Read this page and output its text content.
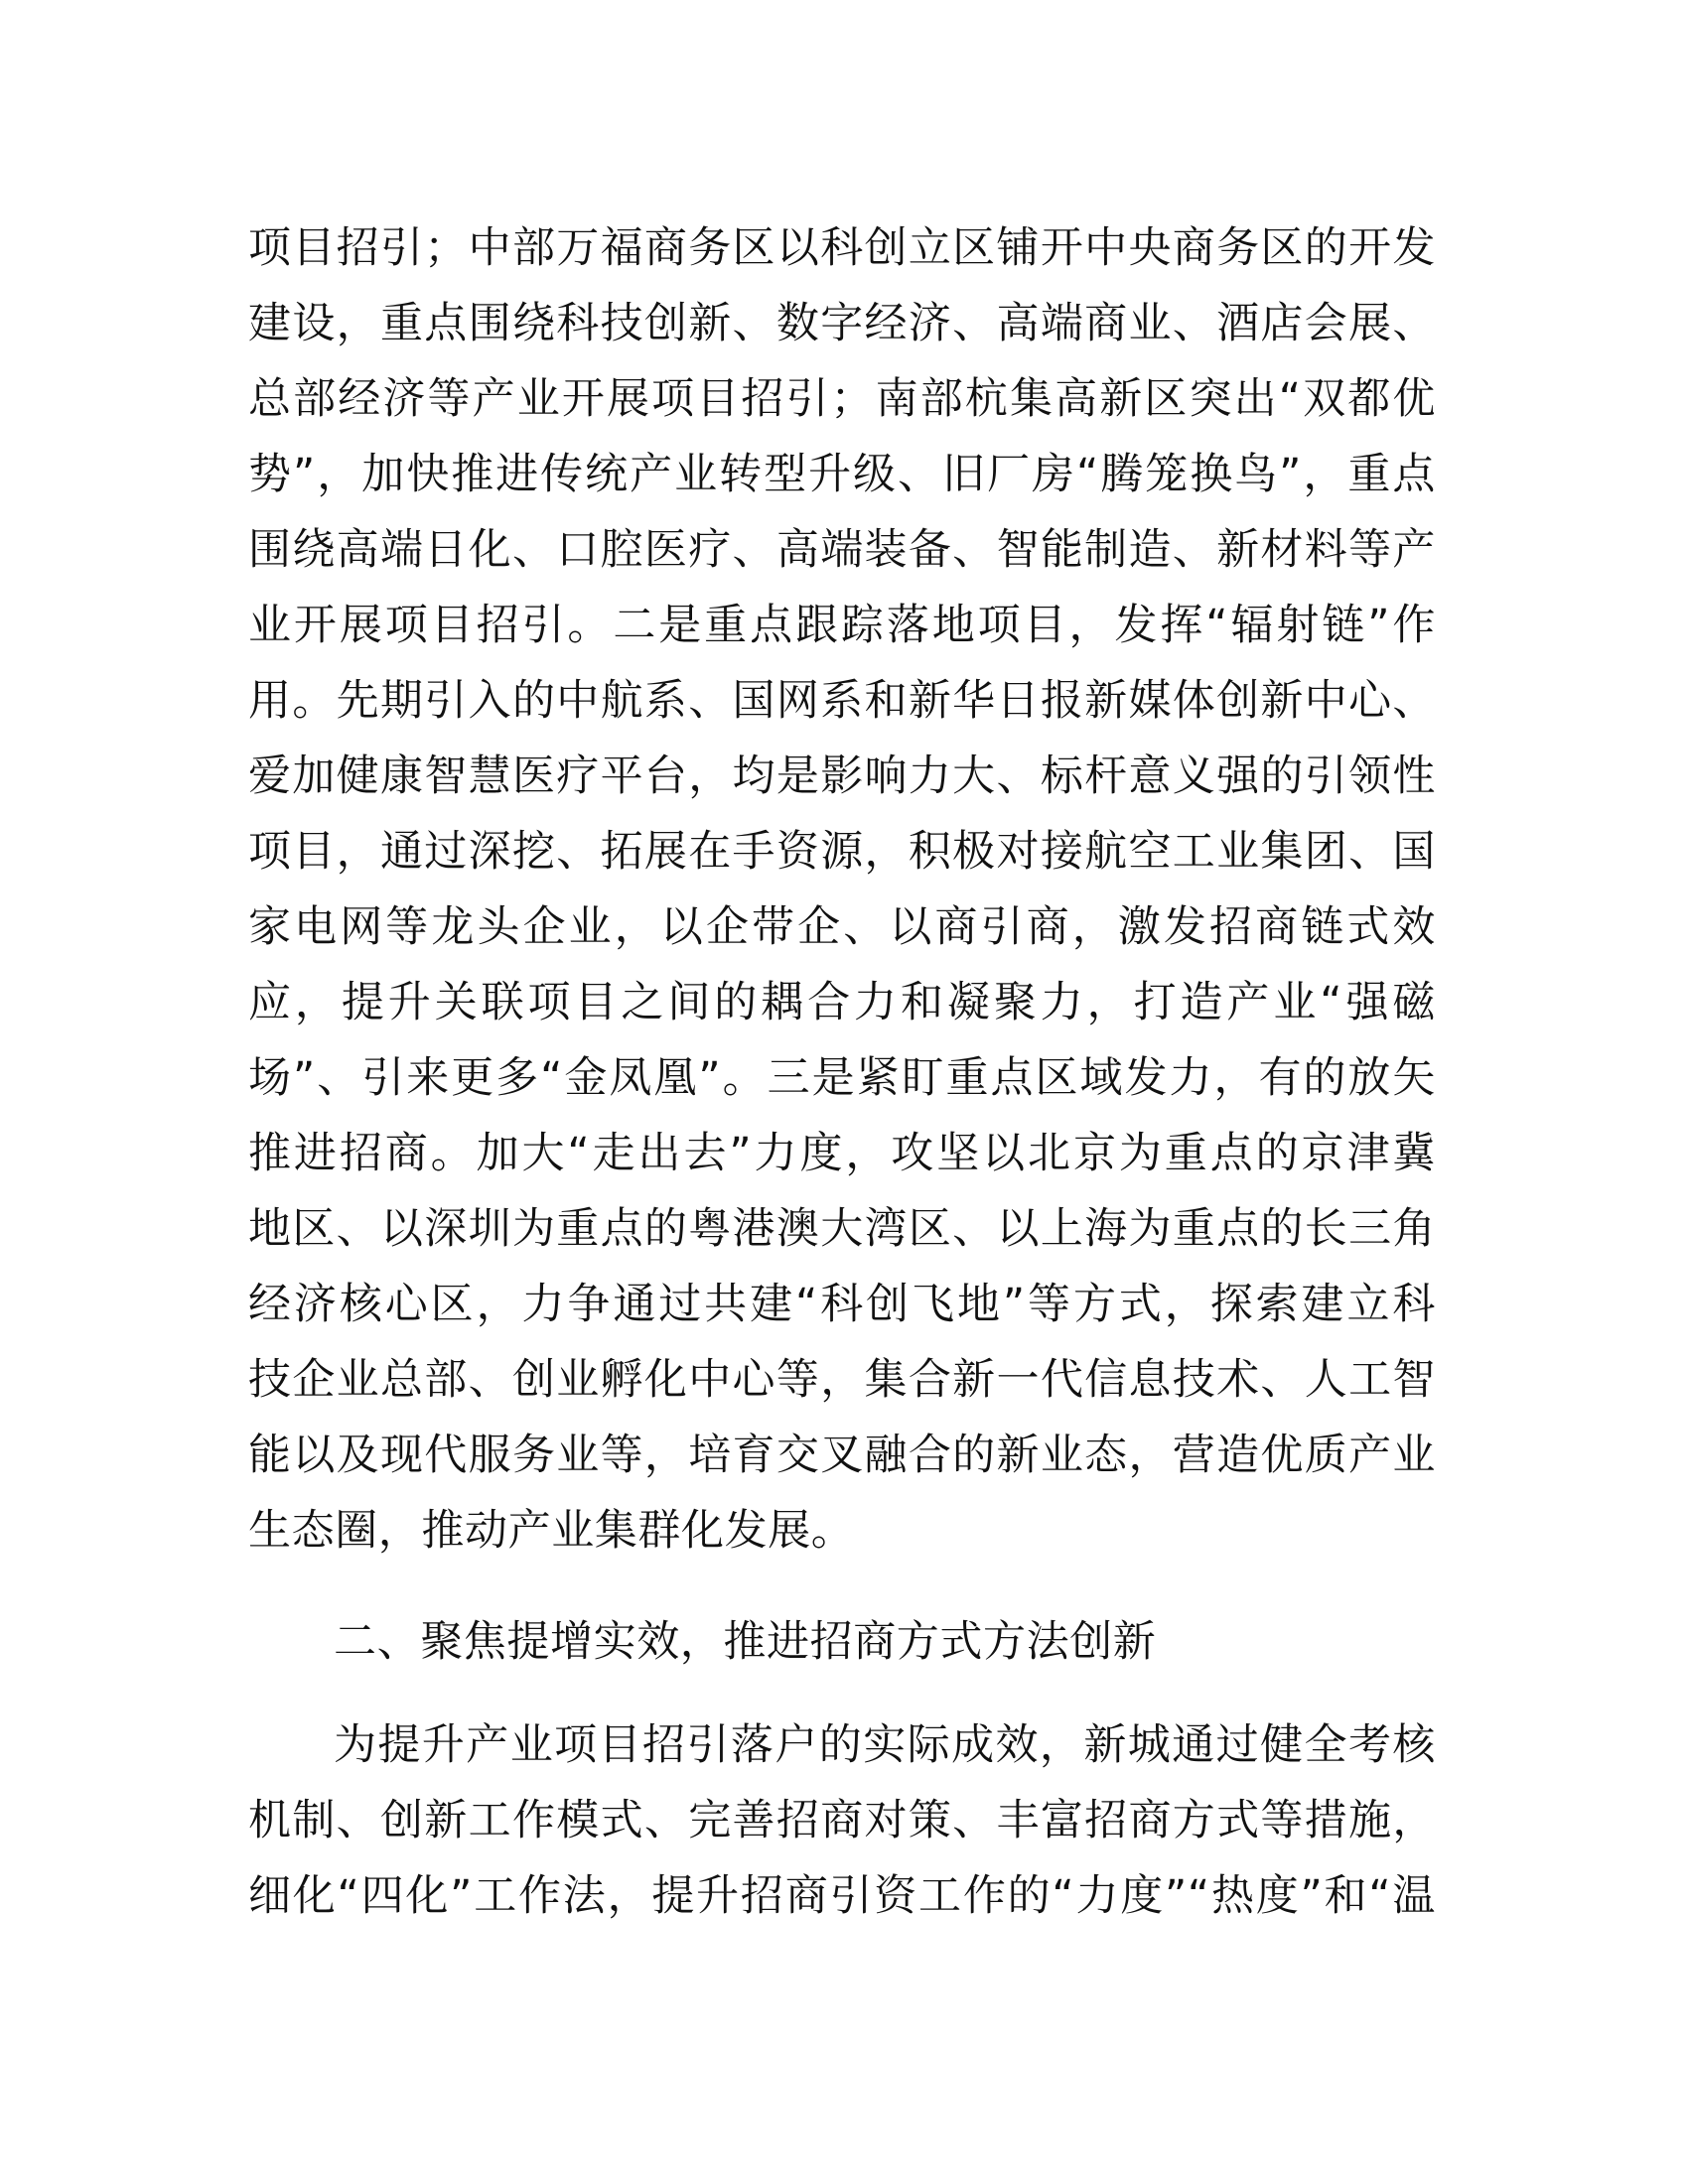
项目招引；中部万福商务区以科创立区铺开中央商务区的开发
建设，重点围绕科技创新、数字经济、高端商业、酒店会展、
总部经济等产业开展项目招引；南部杭集高新区突出“双都优
势”，加快推进传统产业转型升级、旧厂房“腾笼换鸟”，重点
围绕高端日化、口腔医疗、高端装备、智能制造、新材料等产
业开展项目招引。二是重点跟踪落地项目，发挥“辐射链”作
用。先期引入的中航系、国网系和新华日报新媒体创新中心、
爱加健康智慧医疗平台，均是影响力大、标杆意义强的引领性
项目，通过深挖、拓展在手资源，积极对接航空工业集团、国
家电网等龙头企业，以企带企、以商引商，激发招商链式效
应，提升关联项目之间的耦合力和凝聚力，打造产业“强磁
场”、引来更多“金凤凰”。三是紧盯重点区域发力，有的放矢
推进招商。加大“走出去”力度，攻坚以北京为重点的京津冀
地区、以深圳为重点的粤港澳大湾区、以上海为重点的长三角
经济核心区，力争通过共建“科创飞地”等方式，探索建立科
技企业总部、创业孵化中心等，集合新一代信息技术、人工智
能以及现代服务业等，培育交叉融合的新业态，营造优质产业
生态圈，推动产业集群化发展。
二、聚焦提增实效，推进招商方式方法创新
为提升产业项目招引落户的实际成效，新城通过健全考核
机制、创新工作模式、完善招商对策、丰富招商方式等措施，
细化“四化”工作法，提升招商引资工作的“力度”“热度”和“温
